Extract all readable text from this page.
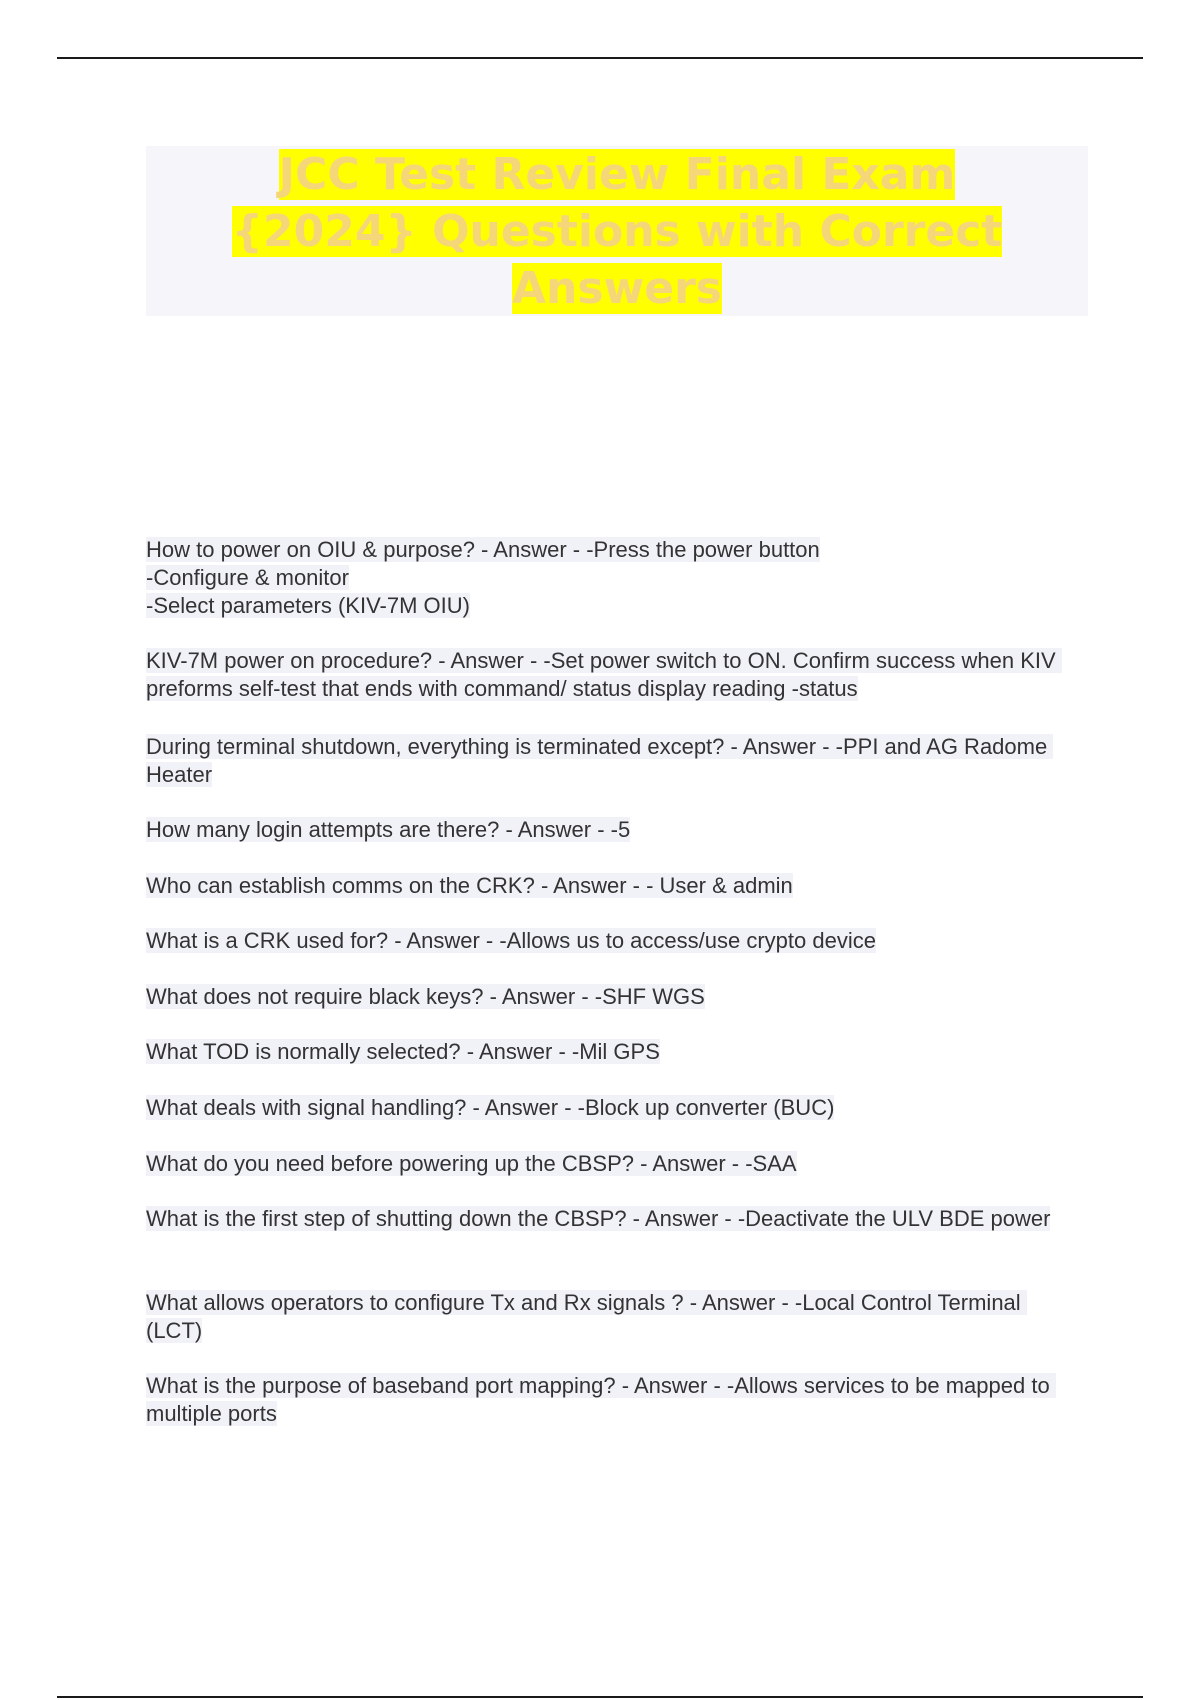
JCC Test Review Final Exam {2024} Questions with Correct Answers
How to power on OIU & purpose? - Answer - -Press the power button
-Configure & monitor
-Select parameters (KIV-7M OIU)
KIV-7M power on procedure? - Answer - -Set power switch to ON. Confirm success when KIV preforms self-test that ends with command/ status display reading -status
During terminal shutdown, everything is terminated except? - Answer - -PPI and AG Radome Heater
How many login attempts are there? - Answer - -5
Who can establish comms on the CRK? - Answer - - User & admin
What is a CRK used for? - Answer - -Allows us to access/use crypto device
What does not require black keys? - Answer - -SHF WGS
What TOD is normally selected? - Answer - -Mil GPS
What deals with signal handling? - Answer - -Block up converter (BUC)
What do you need before powering up the CBSP? - Answer - -SAA
What is the first step of shutting down the CBSP? - Answer - -Deactivate the ULV BDE power
What allows operators to configure Tx and Rx signals ? - Answer - -Local Control Terminal (LCT)
What is the purpose of baseband port mapping? - Answer - -Allows services to be mapped to multiple ports
